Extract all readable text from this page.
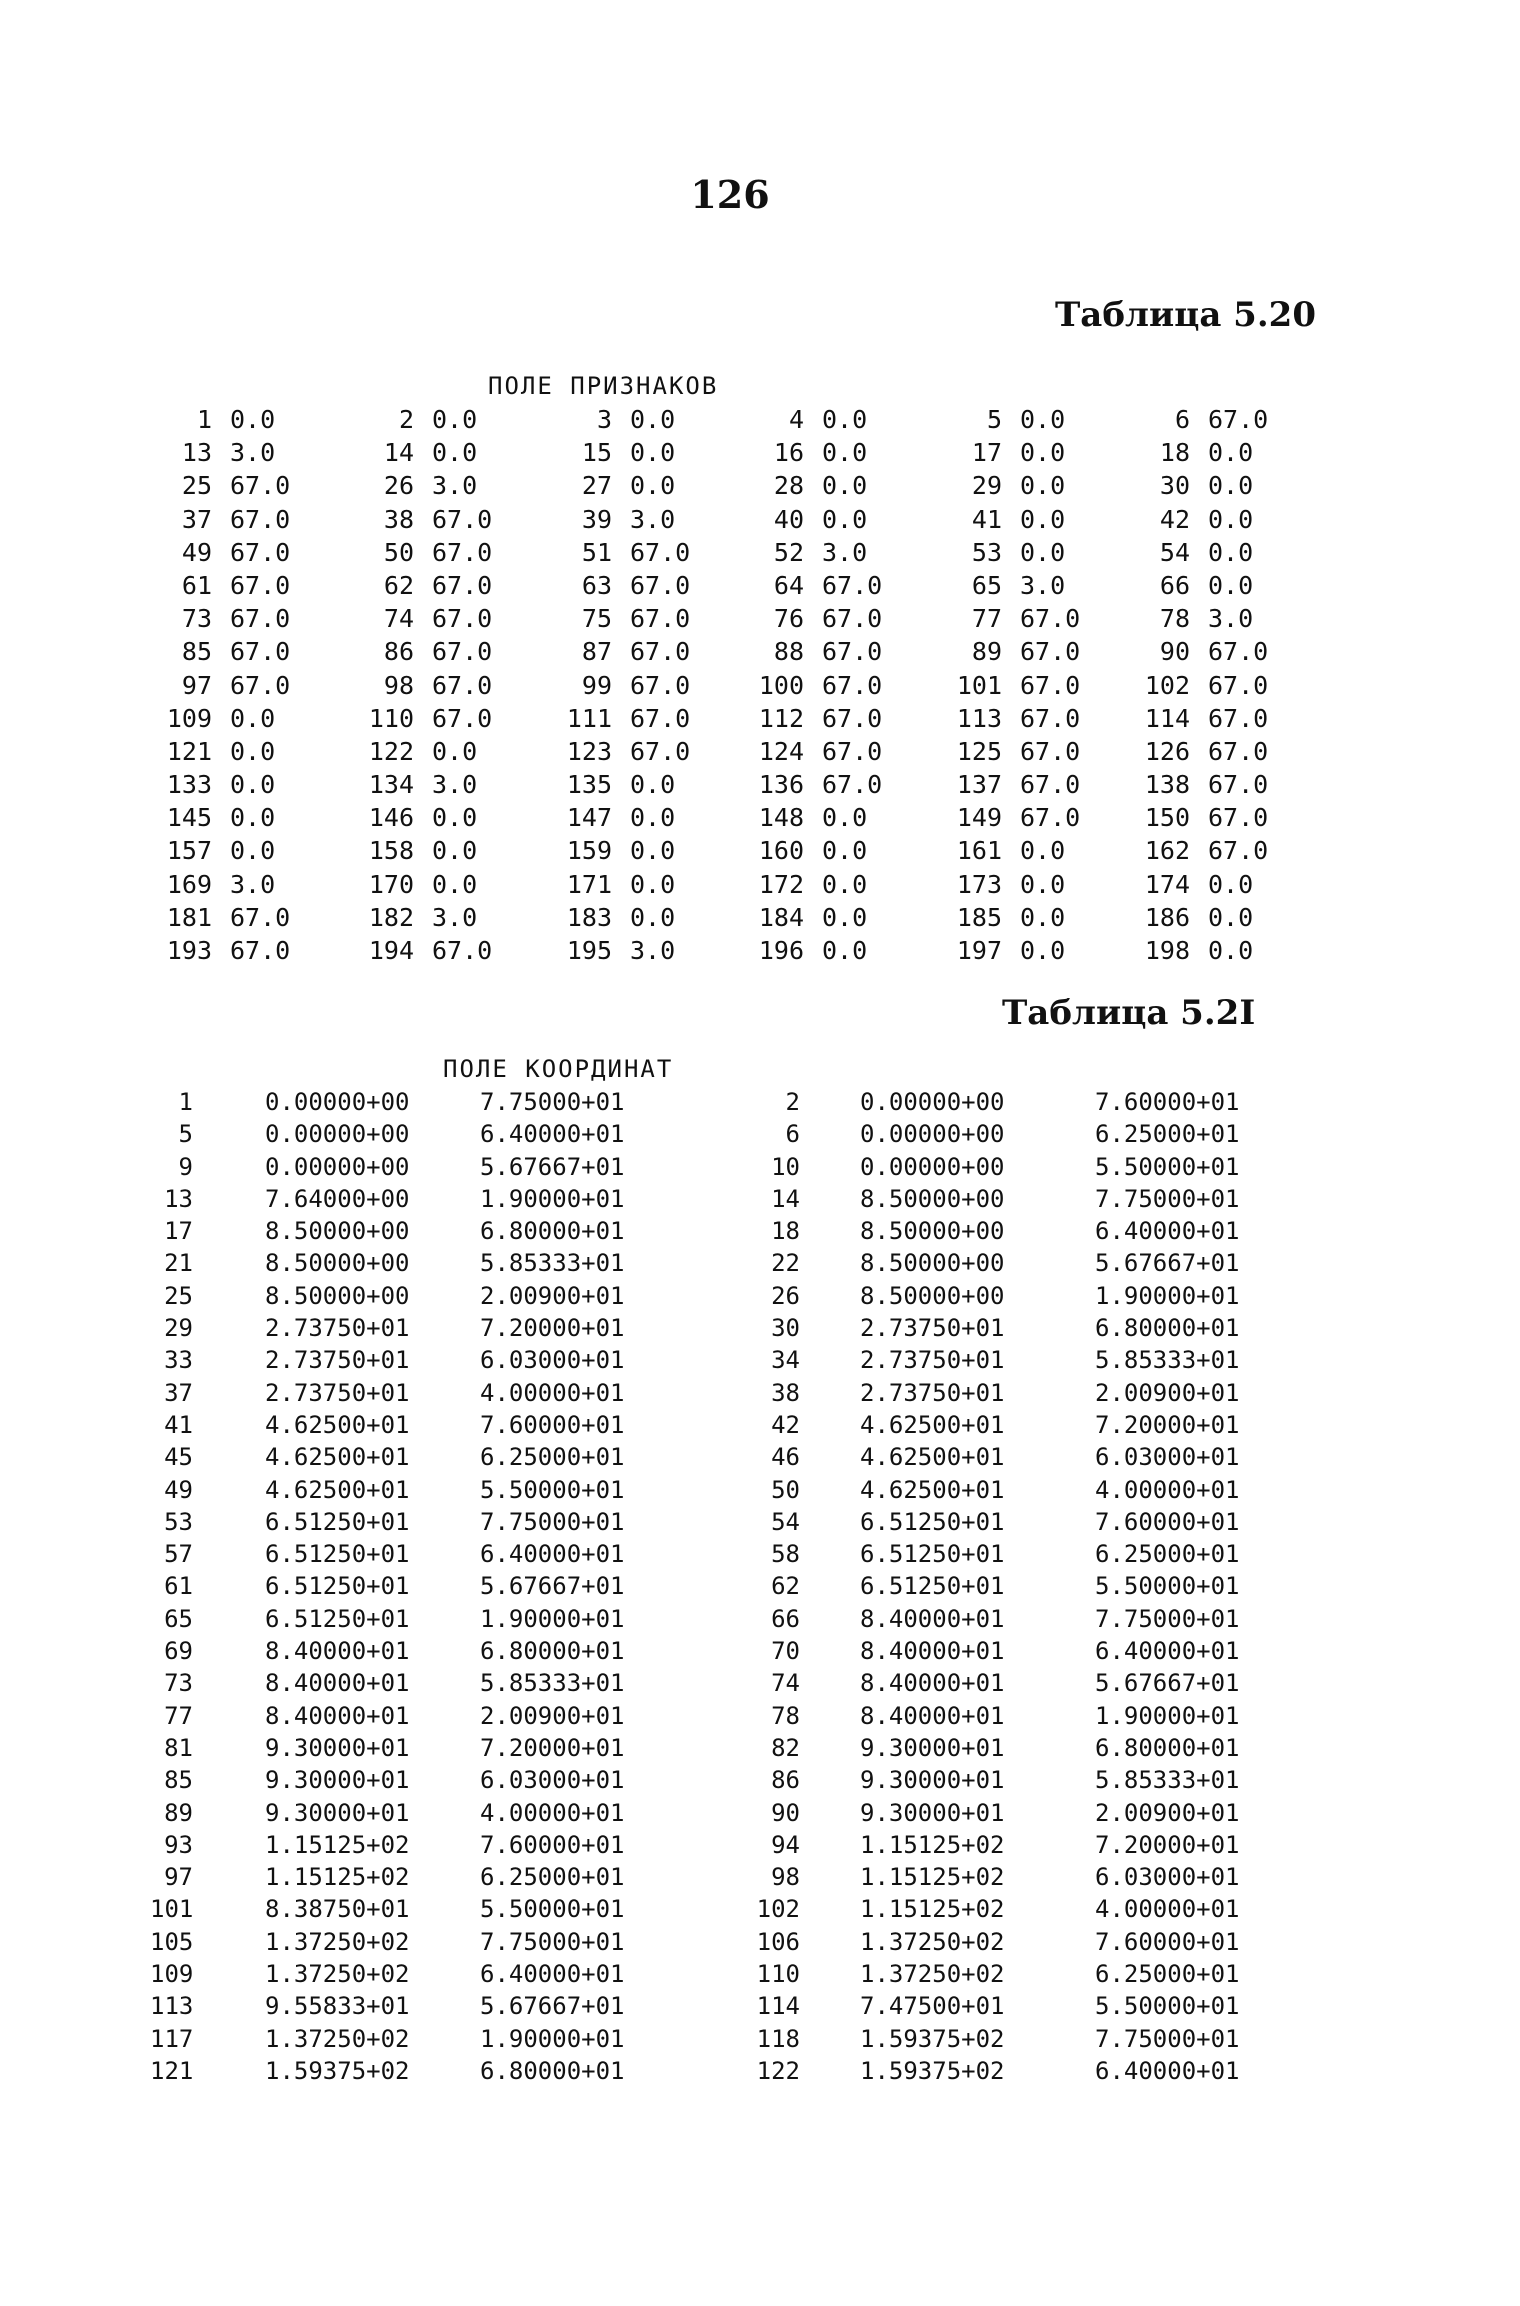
126
Таблица 5.20
ПОЛЕ ПРИЗНАКОВ
1 0.0	2 0.0	3 0.0	4 0.0	5 0.0	6 67.0
13 3.0	14 0.0	15 0.0	16 0.0	17 0.0	18 0.0
25 67.0	26 3.0	27 0.0	28 0.0	29 0.0	30 0.0
37 67.0	38 67.0	39 3.0	40 0.0	41 0.0	42 0.0
49 67.0	50 67.0	51 67.0	52 3.0	53 0.0	54 0.0
61 67.0	62 67.0	63 67.0	64 67.0	65 3.0	66 0.0
73 67.0	74 67.0	75 67.0	76 67.0	77 67.0	78 3.0
85 67.0	86 67.0	87 67.0	88 67.0	89 67.0	90 67.0
97 67.0	98 67.0	99 67.0	100 67.0	101 67.0	102 67.0
109 0.0	110 67.0	111 67.0	112 67.0	113 67.0	114 67.0
121 0.0	122 0.0	123 67.0	124 67.0	125 67.0	126 67.0
133 0.0	134 3.0	135 0.0	136 67.0	137 67.0	138 67.0
145 0.0	146 0.0	147 0.0	148 0.0	149 67.0	150 67.0
157 0.0	158 0.0	159 0.0	160 0.0	161 0.0	162 67.0
169 3.0	170 0.0	171 0.0	172 0.0	173 0.0	174 0.0
181 67.0	182 3.0	183 0.0	184 0.0	185 0.0	186 0.0
193 67.0	194 67.0	195 3.0	196 0.0	197 0.0	198 0.0
Таблица 5.2I
ПОЛЕ КООРДИНАТ
1	0.00000+00	7.75000+01	2	0.00000+00	7.60000+01
5	0.00000+00	6.40000+01	6	0.00000+00	6.25000+01
9	0.00000+00	5.67667+01	10	0.00000+00	5.50000+01
13	7.64000+00	1.90000+01	14	8.50000+00	7.75000+01
17	8.50000+00	6.80000+01	18	8.50000+00	6.40000+01
21	8.50000+00	5.85333+01	22	8.50000+00	5.67667+01
25	8.50000+00	2.00900+01	26	8.50000+00	1.90000+01
29	2.73750+01	7.20000+01	30	2.73750+01	6.80000+01
33	2.73750+01	6.03000+01	34	2.73750+01	5.85333+01
37	2.73750+01	4.00000+01	38	2.73750+01	2.00900+01
41	4.62500+01	7.60000+01	42	4.62500+01	7.20000+01
45	4.62500+01	6.25000+01	46	4.62500+01	6.03000+01
49	4.62500+01	5.50000+01	50	4.62500+01	4.00000+01
53	6.51250+01	7.75000+01	54	6.51250+01	7.60000+01
57	6.51250+01	6.40000+01	58	6.51250+01	6.25000+01
61	6.51250+01	5.67667+01	62	6.51250+01	5.50000+01
65	6.51250+01	1.90000+01	66	8.40000+01	7.75000+01
69	8.40000+01	6.80000+01	70	8.40000+01	6.40000+01
73	8.40000+01	5.85333+01	74	8.40000+01	5.67667+01
77	8.40000+01	2.00900+01	78	8.40000+01	1.90000+01
81	9.30000+01	7.20000+01	82	9.30000+01	6.80000+01
85	9.30000+01	6.03000+01	86	9.30000+01	5.85333+01
89	9.30000+01	4.00000+01	90	9.30000+01	2.00900+01
93	1.15125+02	7.60000+01	94	1.15125+02	7.20000+01
97	1.15125+02	6.25000+01	98	1.15125+02	6.03000+01
101	8.38750+01	5.50000+01	102	1.15125+02	4.00000+01
105	1.37250+02	7.75000+01	106	1.37250+02	7.60000+01
109	1.37250+02	6.40000+01	110	1.37250+02	6.25000+01
113	9.55833+01	5.67667+01	114	7.47500+01	5.50000+01
117	1.37250+02	1.90000+01	118	1.59375+02	7.75000+01
121	1.59375+02	6.80000+01	122	1.59375+02	6.40000+01
